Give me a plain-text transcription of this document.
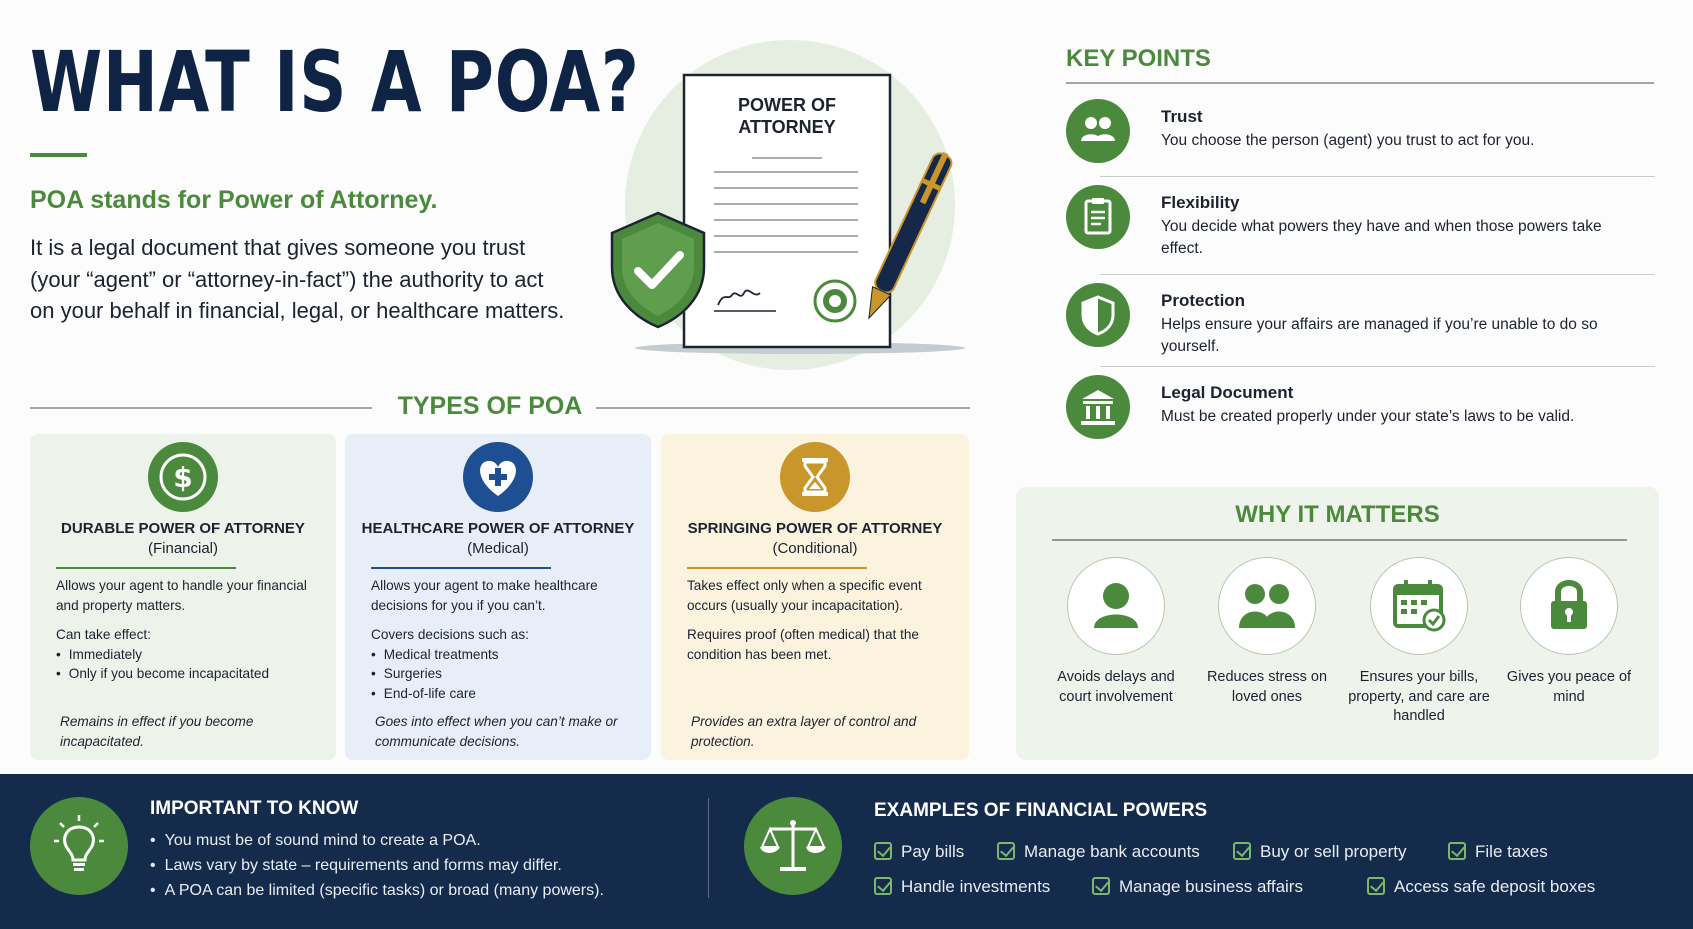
WHAT IS A POA?
POA stands for Power of Attorney.
It is a legal document that gives someone you trust (your “agent” or “attorney-in-fact”) the authority to act on your behalf in financial, legal, or healthcare matters.
POWER OF
ATTORNEY
TYPES OF POA
$
DURABLE POWER OF ATTORNEY
(Financial)

Allows your agent to handle your financial and property matters.

Can take effect:
• Immediately
• Only if you become incapacitated
Remains in effect if you become incapacitated.
HEALTHCARE POWER OF ATTORNEY
(Medical)

Allows your agent to make healthcare decisions for you if you can’t.

Covers decisions such as:
• Medical treatments
• Surgeries
• End-of-life care
Goes into effect when you can’t make or communicate decisions.
SPRINGING POWER OF ATTORNEY
(Conditional)

Takes effect only when a specific event occurs (usually your incapacitation).

Requires proof (often medical) that the condition has been met.

Provides an extra layer of control and protection.
KEY POINTS
Trust
You choose the person (agent) you trust to act for you.
Flexibility
You decide what powers they have and when those powers take effect.
Protection
Helps ensure your affairs are managed if you’re unable to do so yourself.
Legal Document
Must be created properly under your state’s laws to be valid.
WHY IT MATTERS
Avoids delays and court involvement
Reduces stress on loved ones
Ensures your bills, property, and care are handled
Gives you peace of mind
IMPORTANT TO KNOW
• You must be of sound mind to create a POA.
• Laws vary by state – requirements and forms may differ.
• A POA can be limited (specific tasks) or broad (many powers).
EXAMPLES OF FINANCIAL POWERS
Pay bills	Manage bank accounts	Buy or sell property	File taxes
Handle investments	Manage business affairs	Access safe deposit boxes
